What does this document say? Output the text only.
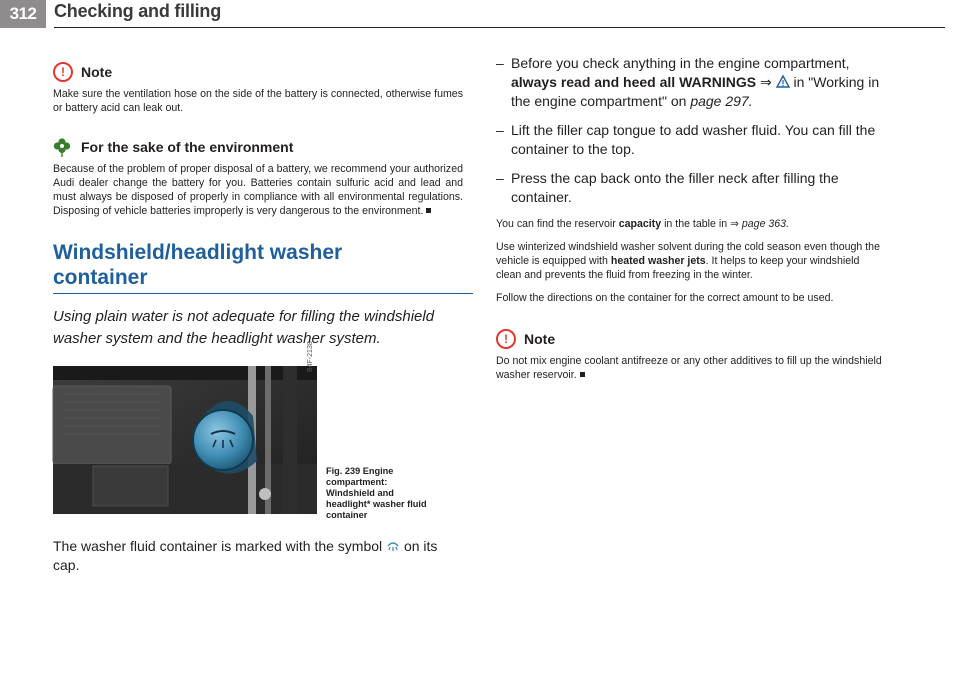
312 Checking and filling
!	Note

Make sure the ventilation hose on the side of the battery is connected, otherwise fumes or battery acid can leak out.

For the sake of the environment

Because of the problem of proper disposal of a battery, we recommend your authorized Audi dealer change the battery for you. Batteries contain sulfuric acid and lead and must always be disposed of properly in compliance with all environmental regulations. Disposing of vehicle batteries improperly is very dangerous to the environment.

Windshield/headlight washer
container

Using plain water is not adequate for filling the windshield washer system and the headlight washer system.

B4F-2138
Fig. 239 Engine compartment: Windshield and headlight* washer fluid container

The washer fluid container is marked with the symbol on its cap.

– Before you check anything in the engine compartment, always read and heed all WARNINGS ⇒ in "Working in the engine compartment" on page 297.
– Lift the filler cap tongue to add washer fluid. You can fill the container to the top.
– Press the cap back onto the filler neck after filling the container.

You can find the reservoir capacity in the table in ⇒ page 363.

Use winterized windshield washer solvent during the cold season even though the vehicle is equipped with heated washer jets. It helps to keep your windshield clean and prevents the fluid from freezing in the winter.

Follow the directions on the container for the correct amount to be used.

!	Note

Do not mix engine coolant antifreeze or any other additives to fill up the windshield washer reservoir.
